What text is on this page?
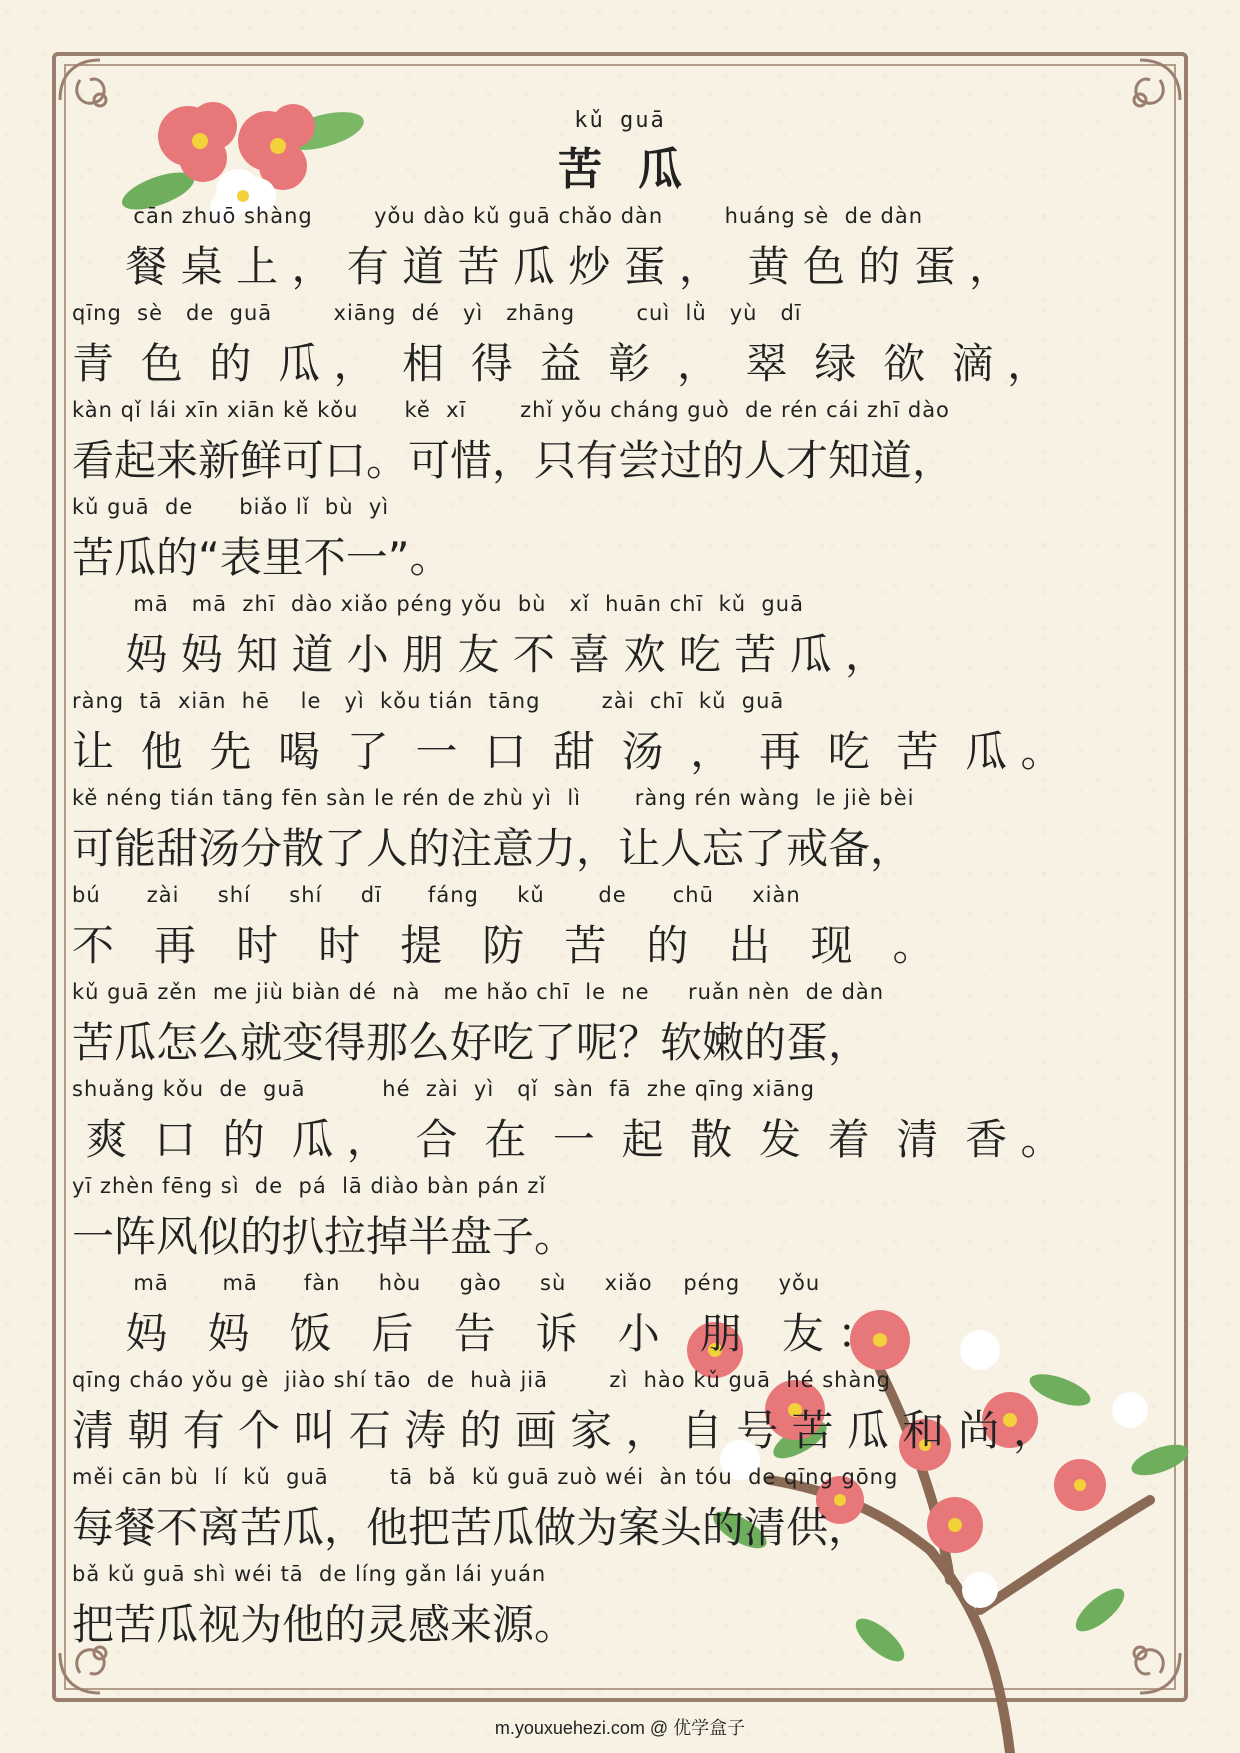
kǔ guā
苦瓜
cān zhuō shàng        yǒu dào kǔ guā chǎo dàn        huáng sè  de dàn
餐 桌 上 ， 有 道 苦 瓜 炒 蛋 ，  黄 色 的 蛋 ，
qīng  sè   de  guā        xiāng  dé   yì   zhāng        cuì  lǜ   yù   dī
青  色  的  瓜 ，  相  得  益  彰  ，  翠  绿  欲  滴 ，
kàn qǐ lái xīn xiān kě kǒu      kě  xī       zhǐ yǒu cháng guò  de rén cái zhī dào
看起来新鲜可口。可惜，只有尝过的人才知道，
kǔ guā  de      biǎo lǐ  bù  yì
苦瓜的“表里不一”。
mā   mā  zhī  dào xiǎo péng yǒu  bù   xǐ  huān chī  kǔ  guā
妈 妈 知 道 小 朋 友 不 喜 欢 吃 苦 瓜 ，
ràng  tā  xiān  hē    le   yì  kǒu tián  tāng        zài  chī  kǔ  guā
让  他  先  喝  了  一  口  甜  汤  ，  再  吃  苦  瓜 。
kě néng tián tāng fēn sàn le rén de zhù yì  lì       ràng rén wàng  le jiè bèi
可能甜汤分散了人的注意力，让人忘了戒备，
bú      zài     shí     shí     dī      fáng     kǔ       de      chū     xiàn
不   再   时   时   提   防   苦   的   出   现   。
kǔ guā zěn  me jiù biàn dé  nà   me hǎo chī  le  ne     ruǎn nèn  de dàn
苦瓜怎么就变得那么好吃了呢？软嫩的蛋，
shuǎng kǒu  de  guā          hé  zài  yì   qǐ  sàn  fā  zhe qīng xiāng
爽  口  的  瓜 ，  合  在  一  起  散  发  着  清  香 。
yī zhèn fēng sì  de  pá  lā diào bàn pán zǐ
一阵风似的扒拉掉半盘子。
mā       mā      fàn     hòu     gào     sù     xiǎo    péng     yǒu
妈   妈   饭   后   告   诉   小   朋   友 ：
qīng cháo yǒu gè  jiào shí tāo  de  huà jiā        zì  hào kǔ guā  hé shàng
清 朝 有 个 叫 石 涛 的 画 家 ， 自 号 苦 瓜 和 尚 ，
měi cān bù  lí  kǔ  guā        tā  bǎ  kǔ guā zuò wéi  àn tóu  de qīng gōng
每餐不离苦瓜，他把苦瓜做为案头的清供，
bǎ kǔ guā shì wéi tā  de líng gǎn lái yuán
把苦瓜视为他的灵感来源。
m.youxuehezi.com @ 优学盒子
